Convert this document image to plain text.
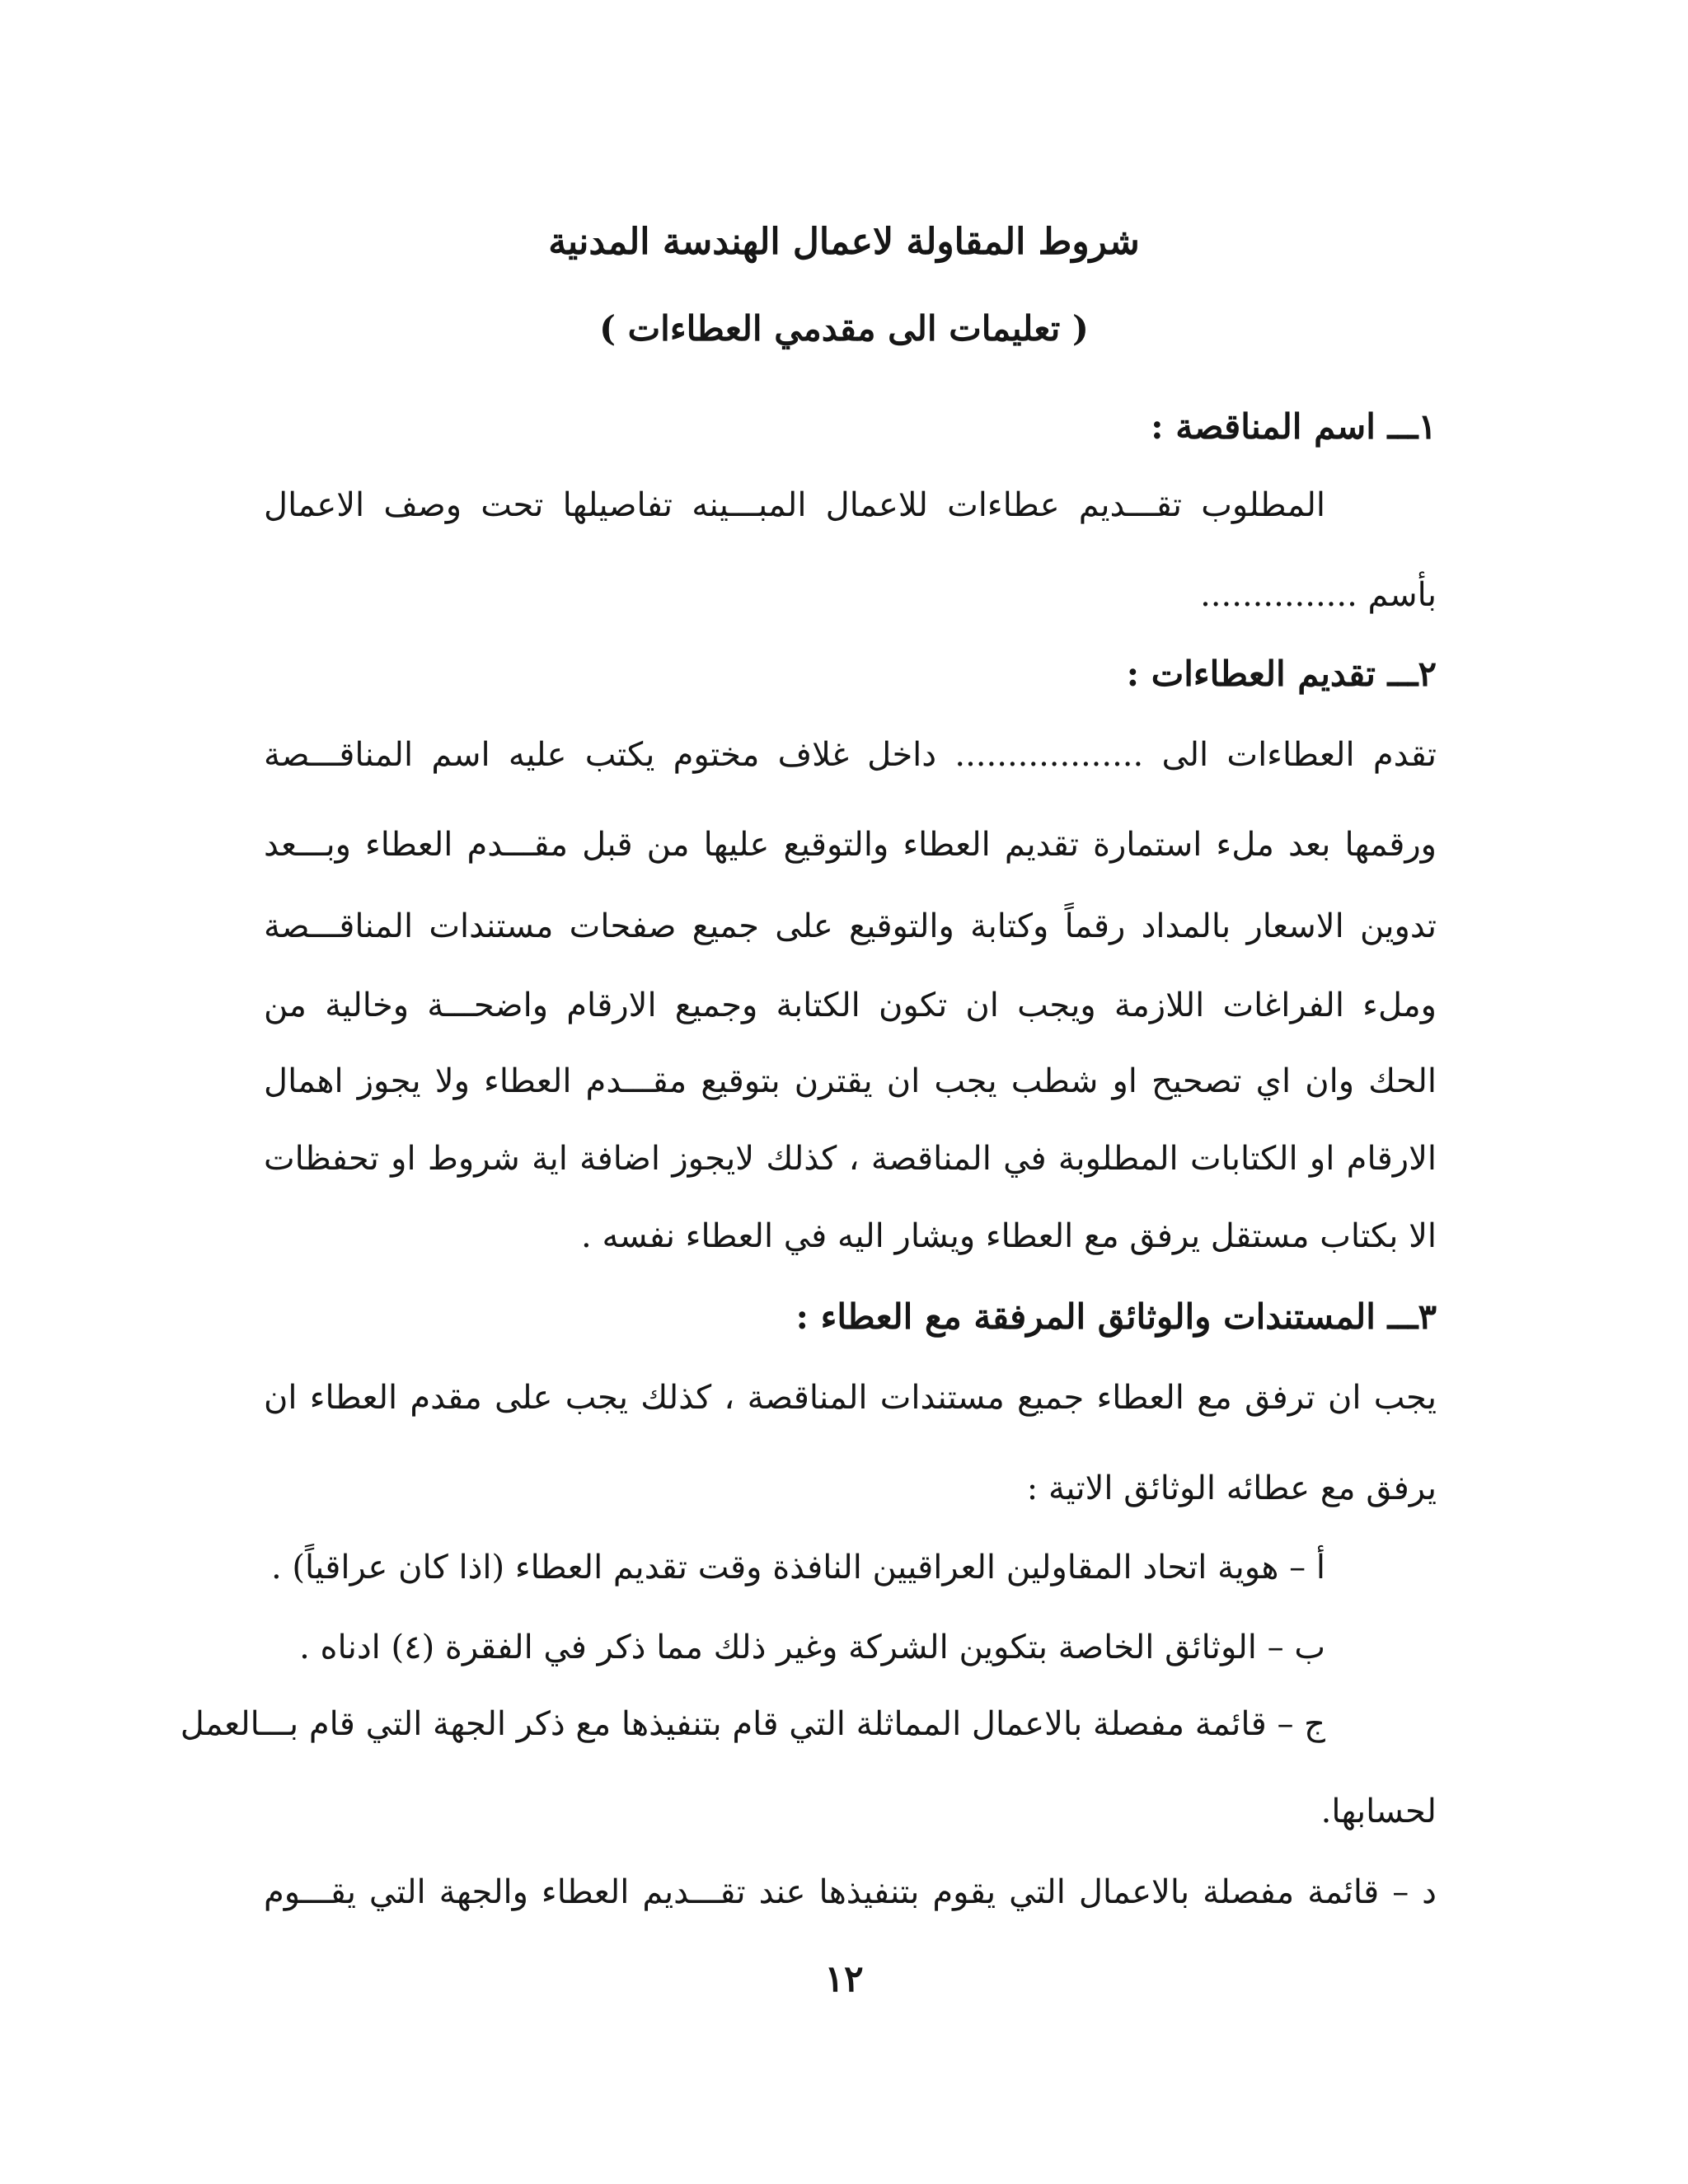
شروط المقاولة لاعمال الهندسة المدنية
( تعليمات الى مقدمي العطاءات )
١ـــ اسم المناقصة :

المطلوب تقـــديم عطاءات للاعمال المبـــينه تفاصيلها تحت وصف الاعمال

بأسم ...............

٢ـــ تقديم العطاءات :

تقدم العطاءات الى .................. داخل غلاف مختوم يكتب عليه اسم المناقـــصة

ورقمها بعد ملء استمارة تقديم العطاء والتوقيع عليها من قبل مقـــدم العطاء وبـــعد

تدوين الاسعار بالمداد رقماً وكتابة والتوقيع على جميع صفحات مستندات المناقـــصة

وملء الفراغات اللازمة ويجب ان تكون الكتابة وجميع الارقام واضحـــة وخالية من

الحك وان اي تصحيح او شطب يجب ان يقترن بتوقيع مقـــدم العطاء ولا يجوز اهمال

الارقام او الكتابات المطلوبة في المناقصة ، كذلك لايجوز اضافة اية شروط او تحفظات

الا بكتاب مستقل يرفق مع العطاء ويشار اليه في العطاء نفسه .

٣ـــ المستندات والوثائق المرفقة مع العطاء :

يجب ان ترفق مع العطاء جميع مستندات المناقصة ، كذلك يجب على مقدم العطاء ان

يرفق مع عطائه الوثائق الاتية :

أ – هوية اتحاد المقاولين العراقيين النافذة وقت تقديم العطاء (اذا كان عراقياً) .

ب – الوثائق الخاصة بتكوين الشركة وغير ذلك مما ذكر في الفقرة (٤) ادناه .

ج – قائمة مفصلة بالاعمال المماثلة التي قام بتنفيذها مع ذكر الجهة التي قام بـــالعمل

لحسابها.

د – قائمة مفصلة بالاعمال التي يقوم بتنفيذها عند تقـــديم العطاء والجهة التي يقـــوم

١٢
